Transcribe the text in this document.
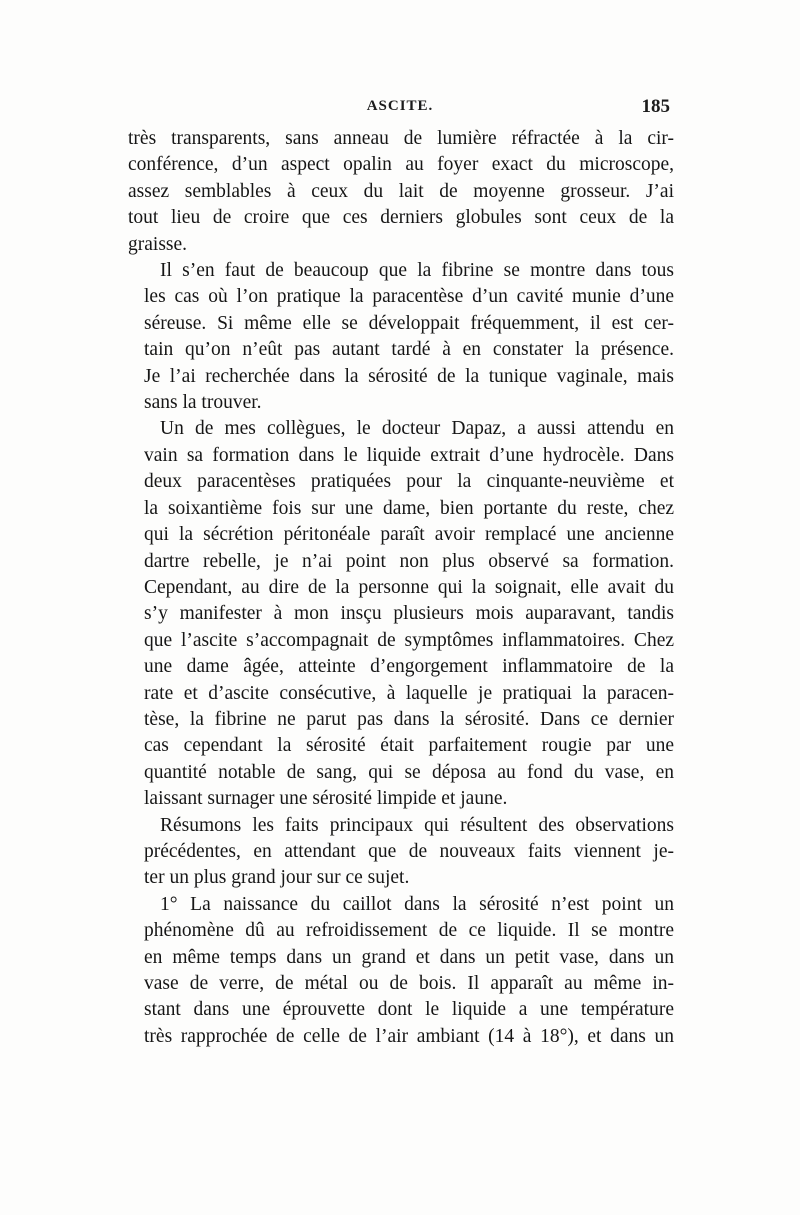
ASCITE.	185
très transparents, sans anneau de lumière réfractée à la cir-
conférence, d’un aspect opalin au foyer exact du microscope,
assez semblables à ceux du lait de moyenne grosseur. J’ai
tout lieu de croire que ces derniers globules sont ceux de la
graisse.
Il s’en faut de beaucoup que la fibrine se montre dans tous
les cas où l’on pratique la paracentèse d’un cavité munie d’une
séreuse. Si même elle se développait fréquemment, il est cer-
tain qu’on n’eût pas autant tardé à en constater la présence.
Je l’ai recherchée dans la sérosité de la tunique vaginale, mais
sans la trouver.
Un de mes collègues, le docteur Dapaz, a aussi attendu en
vain sa formation dans le liquide extrait d’une hydrocèle. Dans
deux paracentèses pratiquées pour la cinquante-neuvième et
la soixantième fois sur une dame, bien portante du reste, chez
qui la sécrétion péritonéale paraît avoir remplacé une ancienne
dartre rebelle, je n’ai point non plus observé sa formation.
Cependant, au dire de la personne qui la soignait, elle avait du
s’y manifester à mon insçu plusieurs mois auparavant, tandis
que l’ascite s’accompagnait de symptômes inflammatoires. Chez
une dame âgée, atteinte d’engorgement inflammatoire de la
rate et d’ascite consécutive, à laquelle je pratiquai la paracen-
tèse, la fibrine ne parut pas dans la sérosité. Dans ce dernier
cas cependant la sérosité était parfaitement rougie par une
quantité notable de sang, qui se déposa au fond du vase, en
laissant surnager une sérosité limpide et jaune.
Résumons les faits principaux qui résultent des observations
précédentes, en attendant que de nouveaux faits viennent je-
ter un plus grand jour sur ce sujet.
1° La naissance du caillot dans la sérosité n’est point un
phénomène dû au refroidissement de ce liquide. Il se montre
en même temps dans un grand et dans un petit vase, dans un
vase de verre, de métal ou de bois. Il apparaît au même in-
stant dans une éprouvette dont le liquide a une température
très rapprochée de celle de l’air ambiant (14 à 18°), et dans un
